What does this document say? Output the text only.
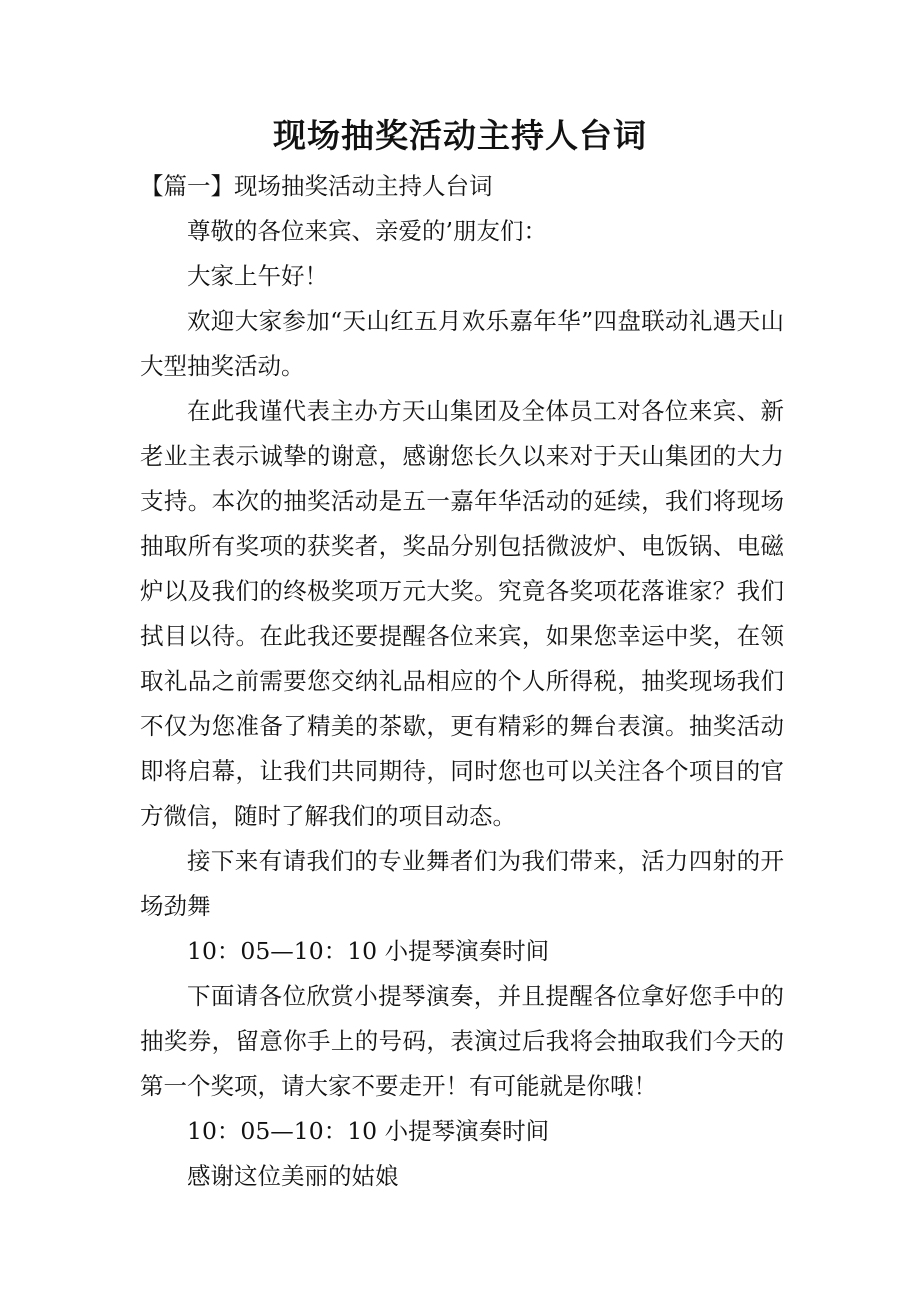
现场抽奖活动主持人台词

【篇一】现场抽奖活动主持人台词

尊敬的各位来宾、亲爱的’朋友们：

大家上午好！

欢迎大家参加“天山红五月欢乐嘉年华”四盘联动礼遇天山大型抽奖活动。

在此我谨代表主办方天山集团及全体员工对各位来宾、新老业主表示诚挚的谢意，感谢您长久以来对于天山集团的大力支持。本次的抽奖活动是五一嘉年华活动的延续，我们将现场抽取所有奖项的获奖者，奖品分别包括微波炉、电饭锅、电磁炉以及我们的终极奖项万元大奖。究竟各奖项花落谁家？我们拭目以待。在此我还要提醒各位来宾，如果您幸运中奖，在领取礼品之前需要您交纳礼品相应的个人所得税，抽奖现场我们不仅为您准备了精美的茶歇，更有精彩的舞台表演。抽奖活动即将启幕，让我们共同期待，同时您也可以关注各个项目的官方微信，随时了解我们的项目动态。

接下来有请我们的专业舞者们为我们带来，活力四射的开场劲舞

10：05—10：10 小提琴演奏时间

下面请各位欣赏小提琴演奏，并且提醒各位拿好您手中的抽奖券，留意你手上的号码，表演过后我将会抽取我们今天的第一个奖项，请大家不要走开！有可能就是你哦！

10：05—10：10 小提琴演奏时间

感谢这位美丽的姑娘
